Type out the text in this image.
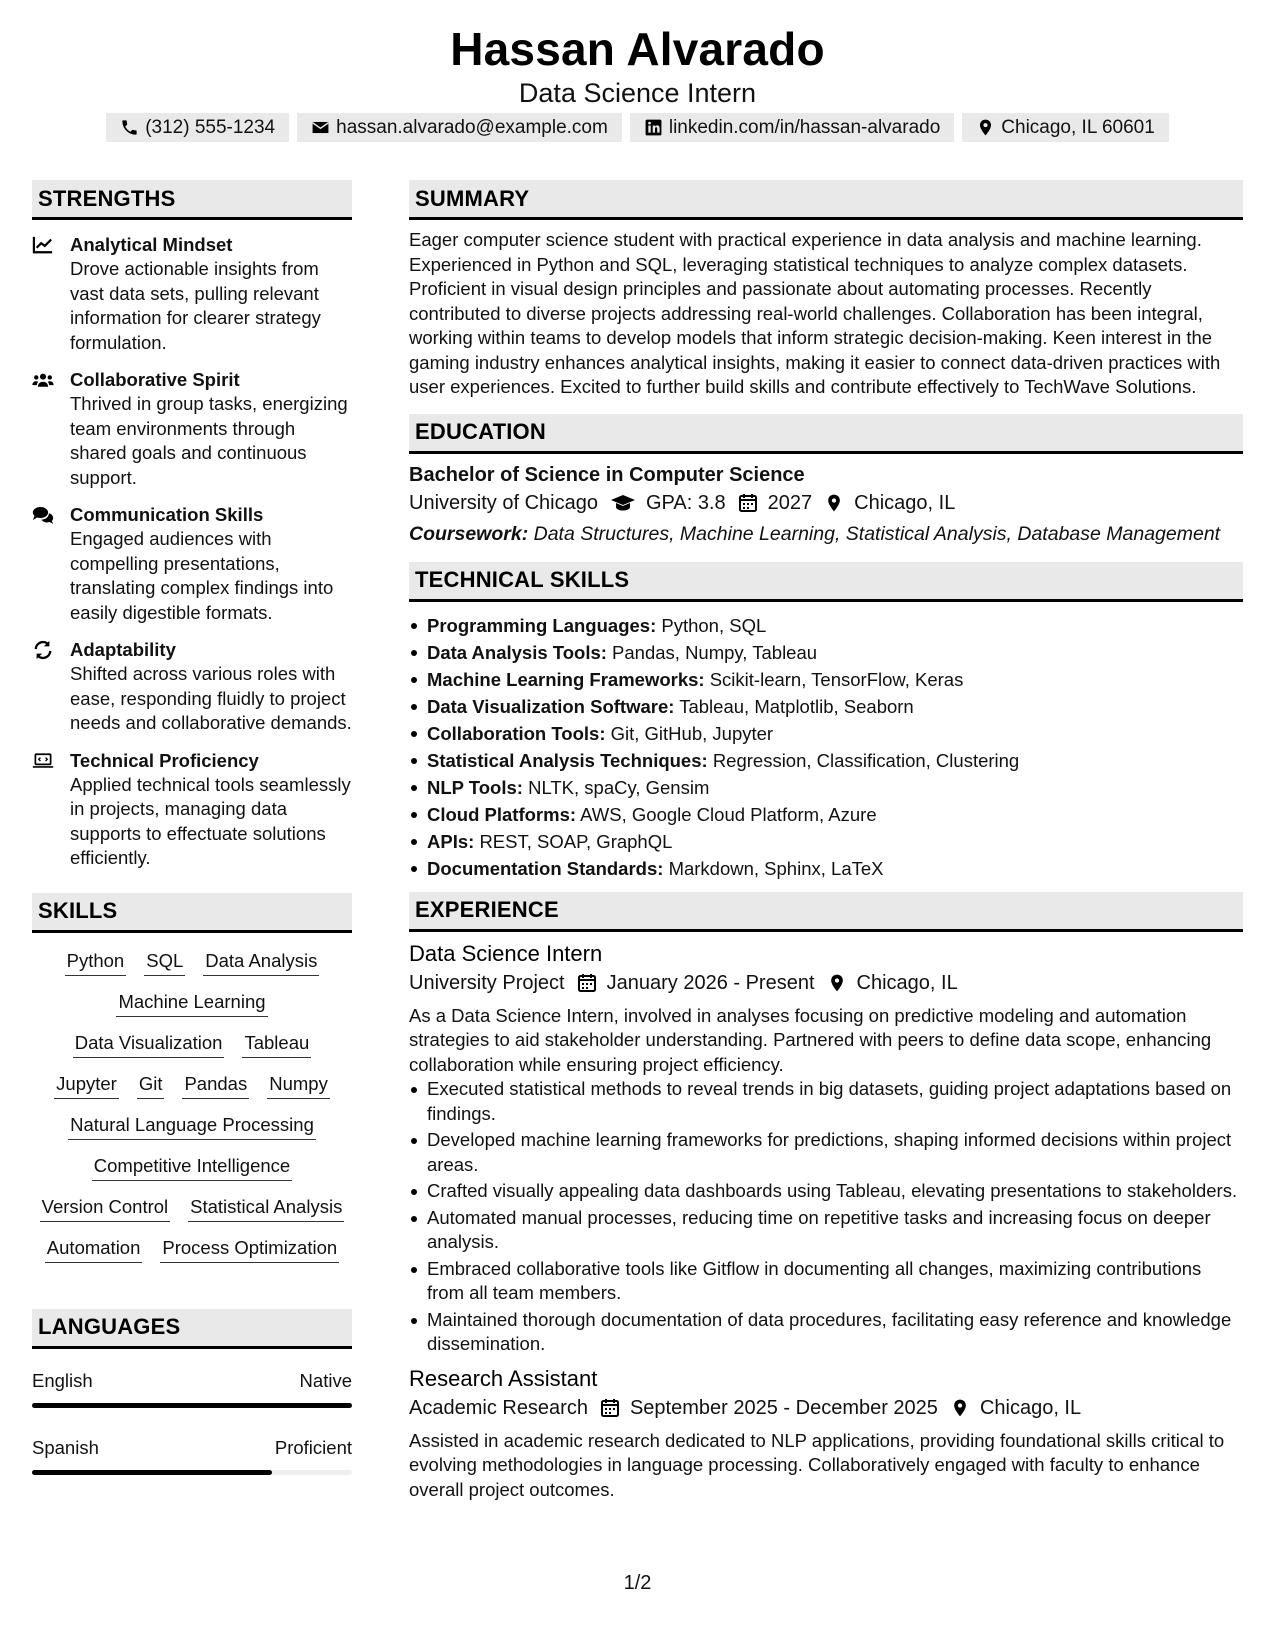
Hassan Alvarado
Data Science Intern
(312) 555-1234	hassan.alvarado@example.com	linkedin.com/in/hassan-alvarado	Chicago, IL 60601
STRENGTHS
Analytical Mindset
Drove actionable insights from vast data sets, pulling relevant information for clearer strategy formulation.
Collaborative Spirit
Thrived in group tasks, energizing team environments through shared goals and continuous support.
Communication Skills
Engaged audiences with compelling presentations, translating complex findings into easily digestible formats.
Adaptability
Shifted across various roles with ease, responding fluidly to project needs and collaborative demands.
Technical Proficiency
Applied technical tools seamlessly in projects, managing data supports to effectuate solutions efficiently.
SKILLS
Python SQL Data Analysis
Machine Learning
Data Visualization Tableau
Jupyter Git Pandas Numpy
Natural Language Processing
Competitive Intelligence
Version Control Statistical Analysis
Automation Process Optimization
LANGUAGES
English	Native
Spanish	Proficient
SUMMARY
Eager computer science student with practical experience in data analysis and machine learning. Experienced in Python and SQL, leveraging statistical techniques to analyze complex datasets. Proficient in visual design principles and passionate about automating processes. Recently contributed to diverse projects addressing real-world challenges. Collaboration has been integral, working within teams to develop models that inform strategic decision-making. Keen interest in the gaming industry enhances analytical insights, making it easier to connect data-driven practices with user experiences. Excited to further build skills and contribute effectively to TechWave Solutions.
EDUCATION
Bachelor of Science in Computer Science
University of Chicago GPA: 3.8 2027 Chicago, IL
Coursework: Data Structures, Machine Learning, Statistical Analysis, Database Management
TECHNICAL SKILLS
Programming Languages: Python, SQL
Data Analysis Tools: Pandas, Numpy, Tableau
Machine Learning Frameworks: Scikit-learn, TensorFlow, Keras
Data Visualization Software: Tableau, Matplotlib, Seaborn
Collaboration Tools: Git, GitHub, Jupyter
Statistical Analysis Techniques: Regression, Classification, Clustering
NLP Tools: NLTK, spaCy, Gensim
Cloud Platforms: AWS, Google Cloud Platform, Azure
APIs: REST, SOAP, GraphQL
Documentation Standards: Markdown, Sphinx, LaTeX
EXPERIENCE
Data Science Intern
University Project January 2026 - Present Chicago, IL
As a Data Science Intern, involved in analyses focusing on predictive modeling and automation strategies to aid stakeholder understanding. Partnered with peers to define data scope, enhancing collaboration while ensuring project efficiency.
Executed statistical methods to reveal trends in big datasets, guiding project adaptations based on findings.
Developed machine learning frameworks for predictions, shaping informed decisions within project areas.
Crafted visually appealing data dashboards using Tableau, elevating presentations to stakeholders.
Automated manual processes, reducing time on repetitive tasks and increasing focus on deeper analysis.
Embraced collaborative tools like Gitflow in documenting all changes, maximizing contributions from all team members.
Maintained thorough documentation of data procedures, facilitating easy reference and knowledge dissemination.
Research Assistant
Academic Research September 2025 - December 2025 Chicago, IL
Assisted in academic research dedicated to NLP applications, providing foundational skills critical to evolving methodologies in language processing. Collaboratively engaged with faculty to enhance overall project outcomes.
1/2
